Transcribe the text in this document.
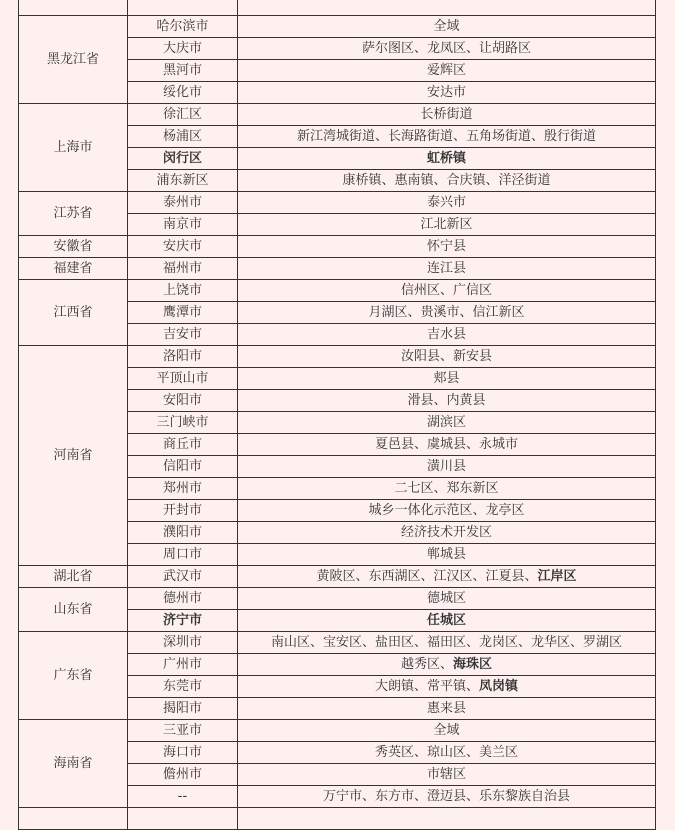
黑龙江省	哈尔滨市	全域
	大庆市	萨尔图区、龙凤区、让胡路区
	黑河市	爱辉区
	绥化市	安达市
上海市	徐汇区	长桥街道
	杨浦区	新江湾城街道、长海路街道、五角场街道、殷行街道
	闵行区	虹桥镇
	浦东新区	康桥镇、惠南镇、合庆镇、洋泾街道
江苏省	泰州市	泰兴市
	南京市	江北新区
安徽省	安庆市	怀宁县
福建省	福州市	连江县
江西省	上饶市	信州区、广信区
	鹰潭市	月湖区、贵溪市、信江新区
	吉安市	吉水县
河南省	洛阳市	汝阳县、新安县
	平顶山市	郏县
	安阳市	滑县、内黄县
	三门峡市	湖滨区
	商丘市	夏邑县、虞城县、永城市
	信阳市	潢川县
	郑州市	二七区、郑东新区
	开封市	城乡一体化示范区、龙亭区
	濮阳市	经济技术开发区
	周口市	郸城县
湖北省	武汉市	黄陂区、东西湖区、江汉区、江夏县、江岸区
山东省	德州市	德城区
	济宁市	任城区
广东省	深圳市	南山区、宝安区、盐田区、福田区、龙岗区、龙华区、罗湖区
	广州市	越秀区、海珠区
	东莞市	大朗镇、常平镇、凤岗镇
	揭阳市	惠来县
海南省	三亚市	全域
	海口市	秀英区、琼山区、美兰区
	儋州市	市辖区
	--	万宁市、东方市、澄迈县、乐东黎族自治县
